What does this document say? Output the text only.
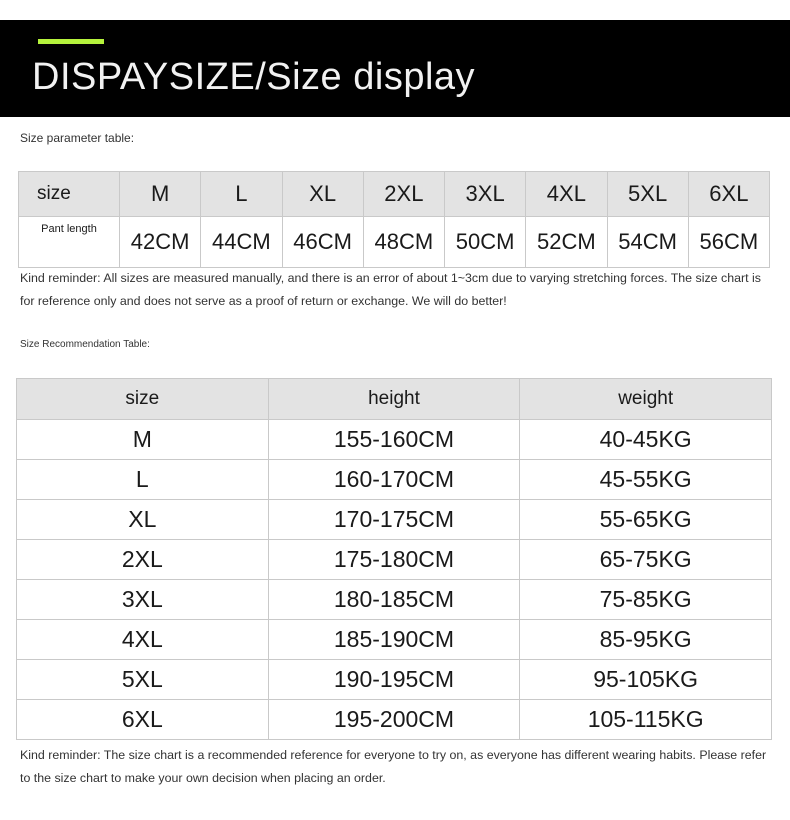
DISPAYSIZE/Size display
Size parameter table:
size	M	L	XL	2XL	3XL	4XL	5XL	6XL
Pant length	42CM	44CM	46CM	48CM	50CM	52CM	54CM	56CM
Kind reminder: All sizes are measured manually, and there is an error of about 1~3cm due to varying stretching forces. The size chart is for reference only and does not serve as a proof of return or exchange. We will do better!
Size Recommendation Table:
size	height	weight
M	155-160CM	40-45KG
L	160-170CM	45-55KG
XL	170-175CM	55-65KG
2XL	175-180CM	65-75KG
3XL	180-185CM	75-85KG
4XL	185-190CM	85-95KG
5XL	190-195CM	95-105KG
6XL	195-200CM	105-115KG
Kind reminder: The size chart is a recommended reference for everyone to try on, as everyone has different wearing habits. Please refer to the size chart to make your own decision when placing an order.
